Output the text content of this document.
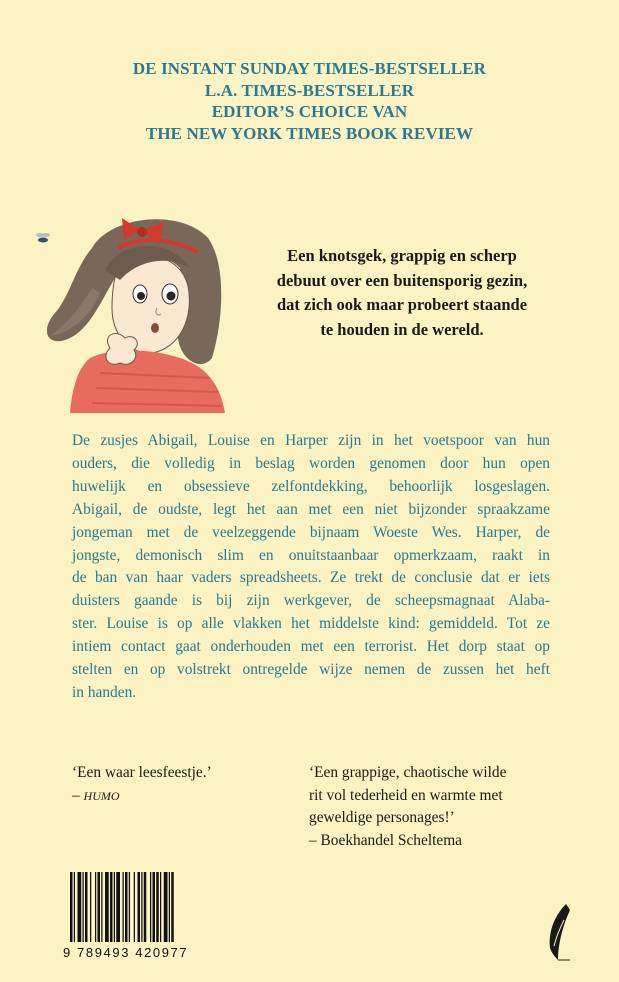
DE INSTANT SUNDAY TIMES-BESTSELLER
L.A. TIMES-BESTSELLER
EDITOR’S CHOICE VAN
THE NEW YORK TIMES BOOK REVIEW
Een knotsgek, grappig en scherp
debuut over een buitensporig gezin,
dat zich ook maar probeert staande
te houden in de wereld.
De zusjes Abigail, Louise en Harper zijn in het voetspoor van hun
ouders, die volledig in beslag worden genomen door hun open
huwelijk en obsessieve zelfontdekking, behoorlijk losgeslagen.
Abigail, de oudste, legt het aan met een niet bijzonder spraakzame
jongeman met de veelzeggende bijnaam Woeste Wes. Harper, de
jongste, demonisch slim en onuitstaanbaar opmerkzaam, raakt in
de ban van haar vaders spreadsheets. Ze trekt de conclusie dat er iets
duisters gaande is bij zijn werkgever, de scheepsmagnaat Alaba-
ster. Louise is op alle vlakken het middelste kind: gemiddeld. Tot ze
intiem contact gaat onderhouden met een terrorist. Het dorp staat op
stelten en op volstrekt ontregelde wijze nemen de zussen het heft
in handen.
‘Een waar leesfeestje.’
– HUMO
‘Een grappige, chaotische wilde
rit vol tederheid en warmte met
geweldige personages!’
– Boekhandel Scheltema
9 789493 420977
